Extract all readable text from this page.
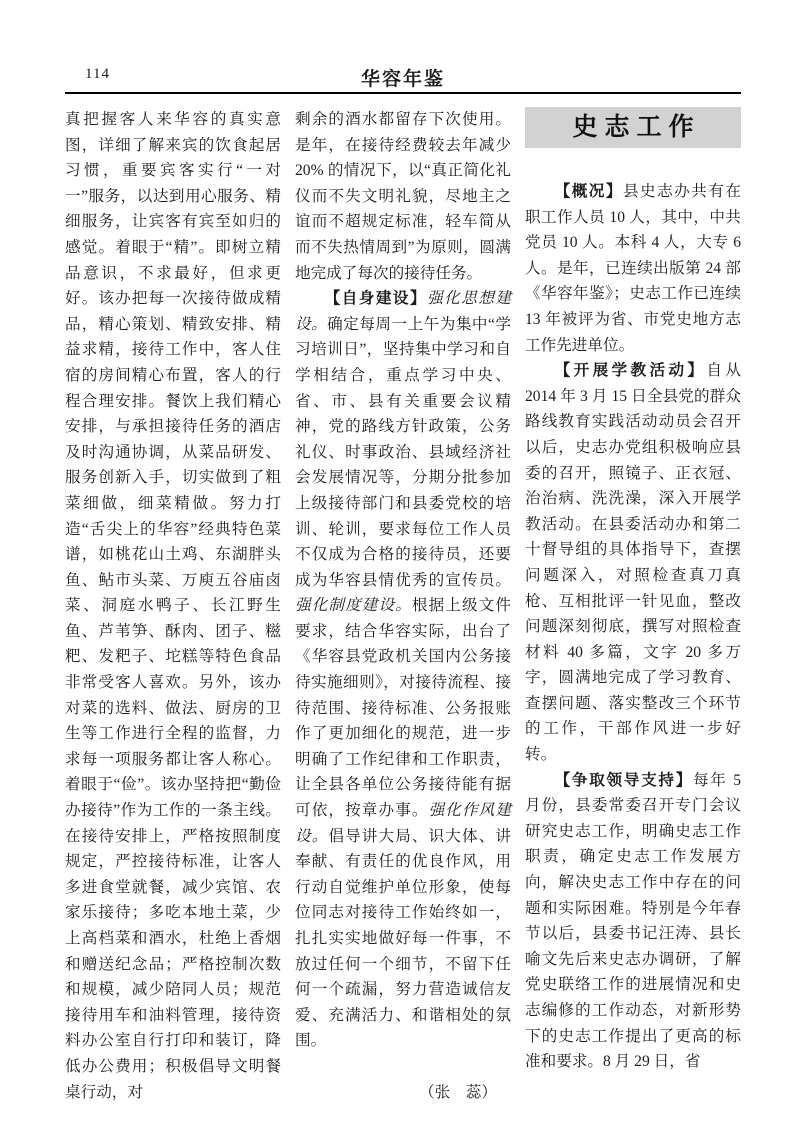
114	华容年鉴

真把握客人来华容的真实意图，详细了解来宾的饮食起居习惯，重要宾客实行“一对一”服务，以达到用心服务、精细服务，让宾客有宾至如归的感觉。着眼于“精”。即树立精品意识，不求最好，但求更好。该办把每一次接待做成精品，精心策划、精致安排、精益求精，接待工作中，客人住宿的房间精心布置，客人的行程合理安排。餐饮上我们精心安排，与承担接待任务的酒店及时沟通协调，从菜品研发、服务创新入手，切实做到了粗菜细做，细菜精做。努力打造“舌尖上的华容”经典特色菜谱，如桃花山土鸡、东湖胖头鱼、鲇市头菜、万庾五谷庙卤菜、洞庭水鸭子、长江野生鱼、芦苇笋、酥肉、团子、糍粑、发粑子、坨糕等特色食品非常受客人喜欢。另外，该办对菜的选料、做法、厨房的卫生等工作进行全程的监督，力求每一项服务都让客人称心。着眼于“俭”。该办坚持把“勤俭办接待”作为工作的一条主线。在接待安排上，严格按照制度规定，严控接待标准，让客人多进食堂就餐，减少宾馆、农家乐接待；多吃本地土菜，少上高档菜和酒水，杜绝上香烟和赠送纪念品；严格控制次数和规模，减少陪同人员；规范接待用车和油料管理，接待资料办公室自行打印和装订，降低办公费用；积极倡导文明餐桌行动，对

剩余的酒水都留存下次使用。是年，在接待经费较去年减少 20% 的情况下，以“真正简化礼仪而不失文明礼貌，尽地主之谊而不超规定标准，轻车简从而不失热情周到”为原则，圆满地完成了每次的接待任务。

【自身建设】强化思想建设。确定每周一上午为集中“学习培训日”，坚持集中学习和自学相结合，重点学习中央、省、市、县有关重要会议精神，党的路线方针政策，公务礼仪、时事政治、县域经济社会发展情况等，分期分批参加上级接待部门和县委党校的培训、轮训，要求每位工作人员不仅成为合格的接待员，还要成为华容县情优秀的宣传员。强化制度建设。根据上级文件要求，结合华容实际，出台了《华容县党政机关国内公务接待实施细则》，对接待流程、接待范围、接待标准、公务报账作了更加细化的规范，进一步明确了工作纪律和工作职责，让全县各单位公务接待能有据可依，按章办事。强化作风建设。倡导讲大局、识大体、讲奉献、有责任的优良作风，用行动自觉维护单位形象，使每位同志对接待工作始终如一，扎扎实实地做好每一件事，不放过任何一个细节，不留下任何一个疏漏，努力营造诚信友爱、充满活力、和谐相处的氛围。

（张　蕊）
史志工作

【概况】县史志办共有在职工作人员 10 人，其中，中共党员 10 人。本科 4 人，大专 6 人。是年，已连续出版第 24 部《华容年鉴》；史志工作已连续 13 年被评为省、市党史地方志工作先进单位。

【开展学教活动】自从 2014 年 3 月 15 日全县党的群众路线教育实践活动动员会召开以后，史志办党组积极响应县委的召开，照镜子、正衣冠、治治病、洗洗澡，深入开展学教活动。在县委活动办和第二十督导组的具体指导下，查摆问题深入，对照检查真刀真枪、互相批评一针见血，整改问题深刻彻底，撰写对照检查材料 40 多篇，文字 20 多万字，圆满地完成了学习教育、查摆问题、落实整改三个环节的工作，干部作风进一步好转。

【争取领导支持】每年 5 月份，县委常委召开专门会议研究史志工作，明确史志工作职责，确定史志工作发展方向，解决史志工作中存在的问题和实际困难。特别是今年春节以后，县委书记汪涛、县长喻文先后来史志办调研，了解党史联络工作的进展情况和史志编修的工作动态，对新形势下的史志工作提出了更高的标准和要求。8 月 29 日，省
